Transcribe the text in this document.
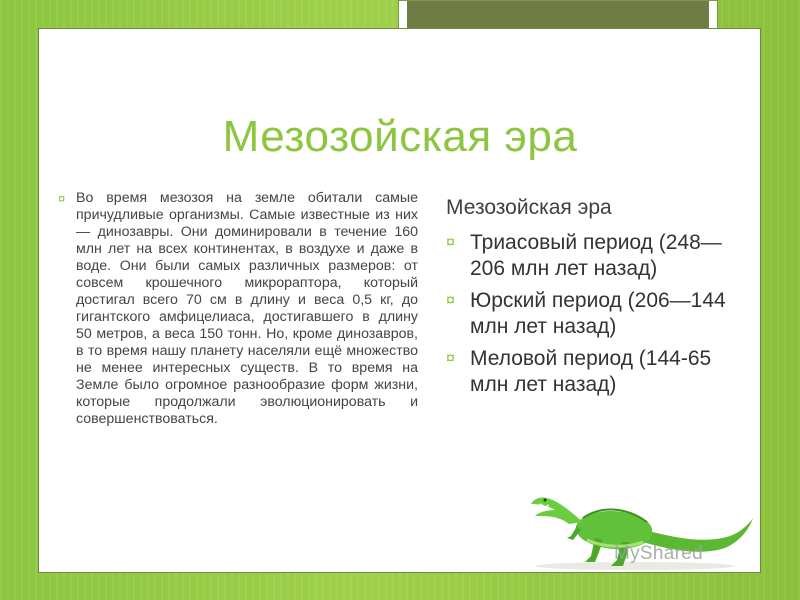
Мезозойская эра
¤ Во время мезозоя на земле обитали самые причудливые организмы. Самые известные из них — динозавры. Они доминировали в течение 160 млн лет на всех континентах, в воздухе и даже в воде. Они были самых различных размеров: от совсем крошечного микрораптора, который достигал всего 70 см в длину и веса 0,5 кг, до гигантского амфицелиаса, достигавшего в длину 50 метров, а веса 150 тонн. Но, кроме динозавров, в то время нашу планету населяли ещё множество не менее интересных существ. В то время на Земле было огромное разнообразие форм жизни, которые продолжали эволюционировать и совершенствоваться.
Мезозойская эра
¤ Триасовый период (248—206 млн лет назад)
¤ Юрский период (206—144 млн лет назад)
¤ Меловой период (144-65 млн лет назад)
MyShared
